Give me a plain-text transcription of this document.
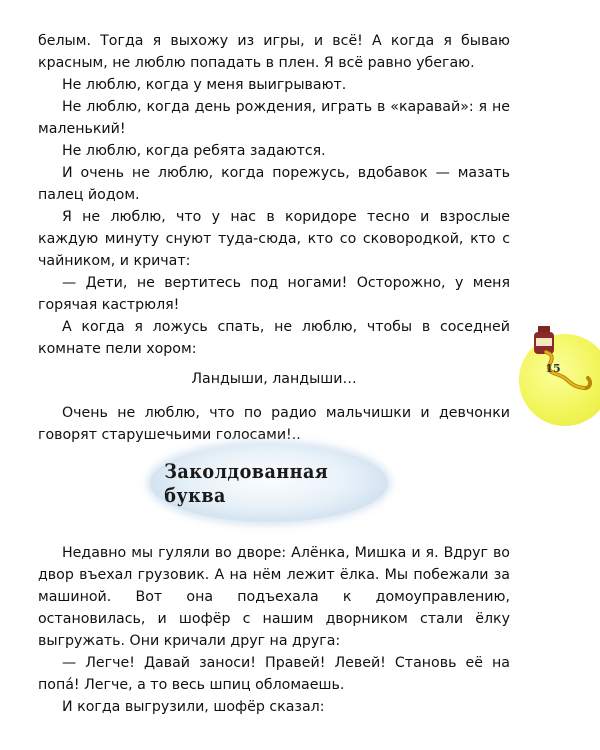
белым. Тогда я выхожу из игры, и всё! А когда я бываю красным, не люблю попадать в плен. Я всё равно убегаю.

Не люблю, когда у меня выигрывают.

Не люблю, когда день рождения, играть в «каравай»: я не маленький!

Не люблю, когда ребята задаются.

И очень не люблю, когда порежусь, вдобавок — мазать палец йодом.

Я не люблю, что у нас в коридоре тесно и взрослые каждую минуту снуют туда-сюда, кто со сковородкой, кто с чайником, и кричат:

— Дети, не вертитесь под ногами! Осторожно, у меня горячая кастрюля!

А когда я ложусь спать, не люблю, чтобы в соседней комнате пели хором:

Ландыши, ландыши…

Очень не люблю, что по радио мальчишки и девчонки говорят старушечьими голосами!..

Заколдованная буква
15

Недавно мы гуляли во дворе: Алёнка, Мишка и я. Вдруг во двор въехал грузовик. А на нём лежит ёлка. Мы побежали за машиной. Вот она подъехала к домоуправлению, остановилась, и шофёр с нашим дворником стали ёлку выгружать. Они кричали друг на друга:

— Легче! Давай заноси! Правей! Левей! Становь её на попа́! Легче, а то весь шпиц обломаешь.

И когда выгрузили, шофёр сказал:
